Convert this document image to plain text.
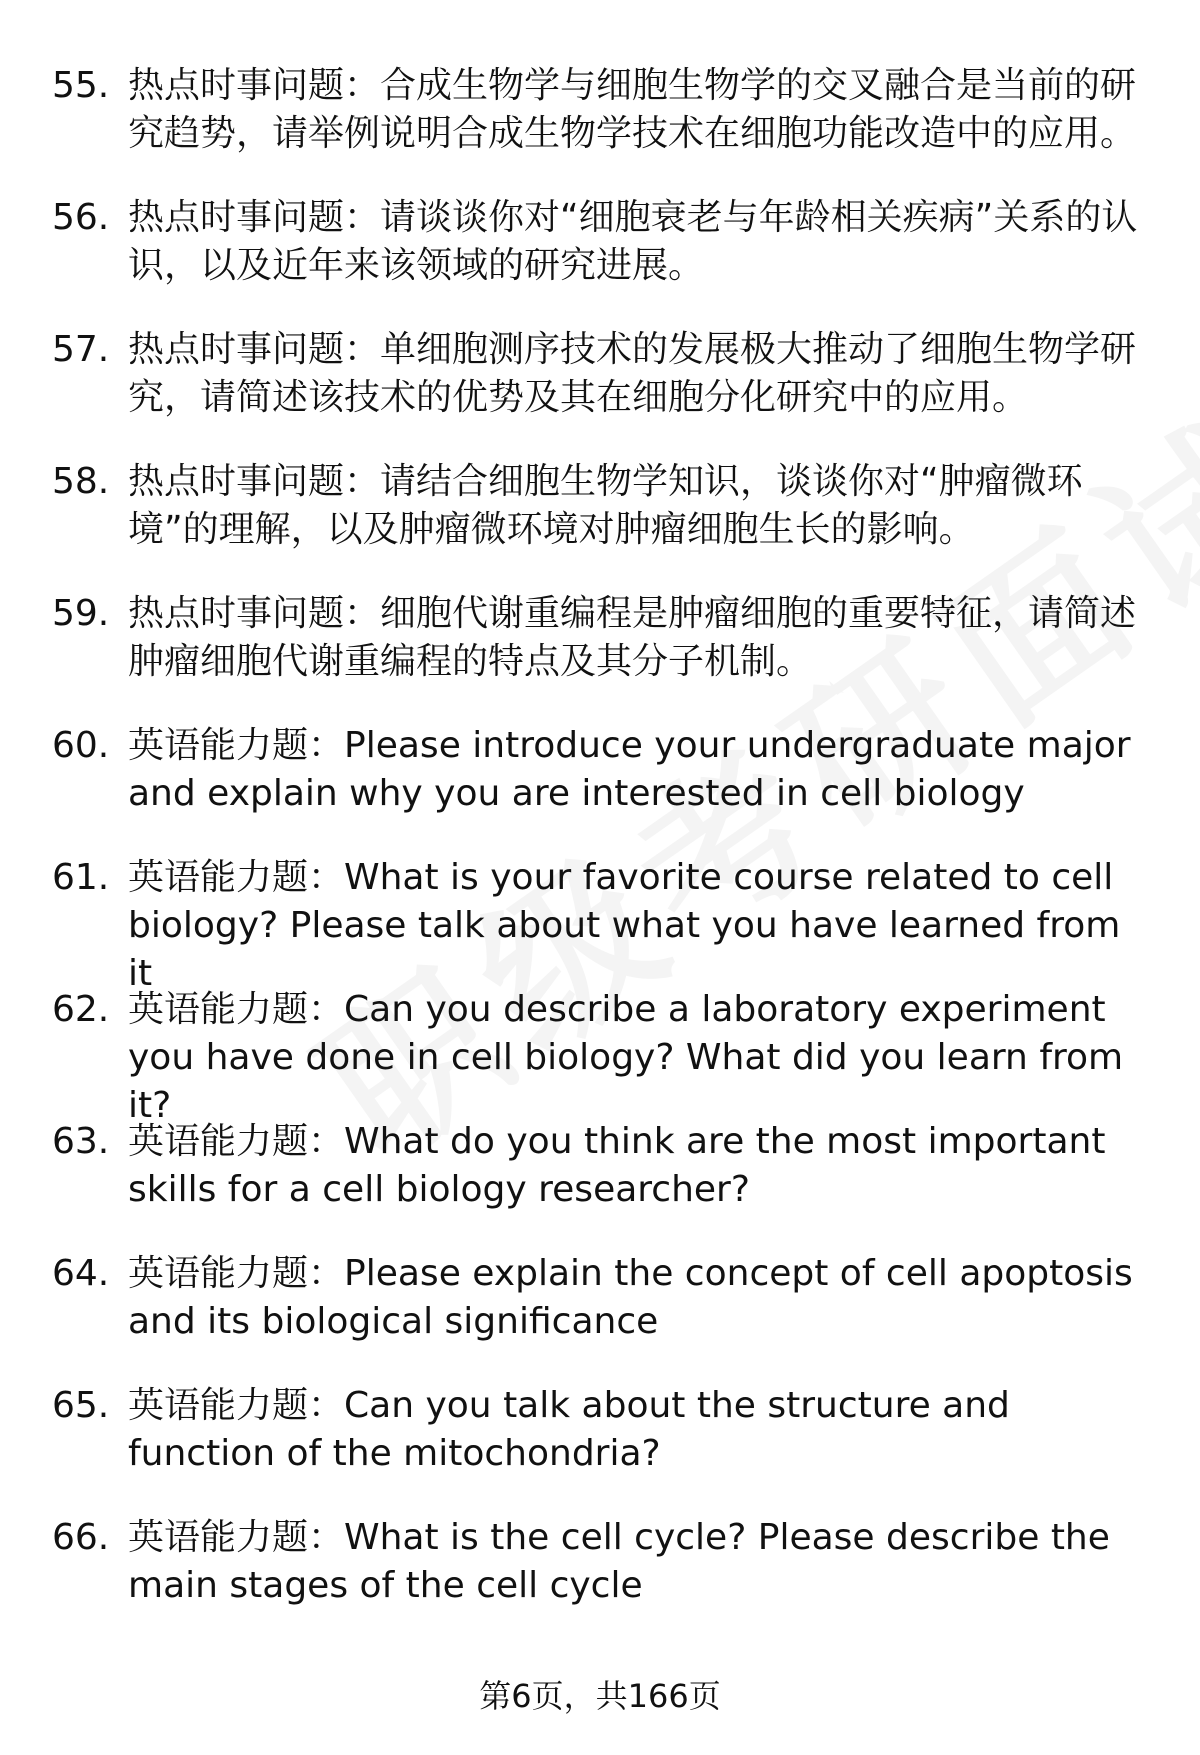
55. 热点时事问题：合成生物学与细胞生物学的交叉融合是当前的研究趋势，请举例说明合成生物学技术在细胞功能改造中的应用。
56. 热点时事问题：请谈谈你对“细胞衰老与年龄相关疾病”关系的认识，以及近年来该领域的研究进展。
57. 热点时事问题：单细胞测序技术的发展极大推动了细胞生物学研究，请简述该技术的优势及其在细胞分化研究中的应用。
58. 热点时事问题：请结合细胞生物学知识，谈谈你对“肿瘤微环境”的理解，以及肿瘤微环境对肿瘤细胞生长的影响。
59. 热点时事问题：细胞代谢重编程是肿瘤细胞的重要特征，请简述肿瘤细胞代谢重编程的特点及其分子机制。
60. 英语能力题：Please introduce your undergraduate major and explain why you are interested in cell biology
61. 英语能力题：What is your favorite course related to cell biology? Please talk about what you have learned from it
62. 英语能力题：Can you describe a laboratory experiment you have done in cell biology? What did you learn from it?
63. 英语能力题：What do you think are the most important skills for a cell biology researcher?
64. 英语能力题：Please explain the concept of cell apoptosis and its biological significance
65. 英语能力题：Can you talk about the structure and function of the mitochondria?
66. 英语能力题：What is the cell cycle? Please describe the main stages of the cell cycle
第6页，共166页
